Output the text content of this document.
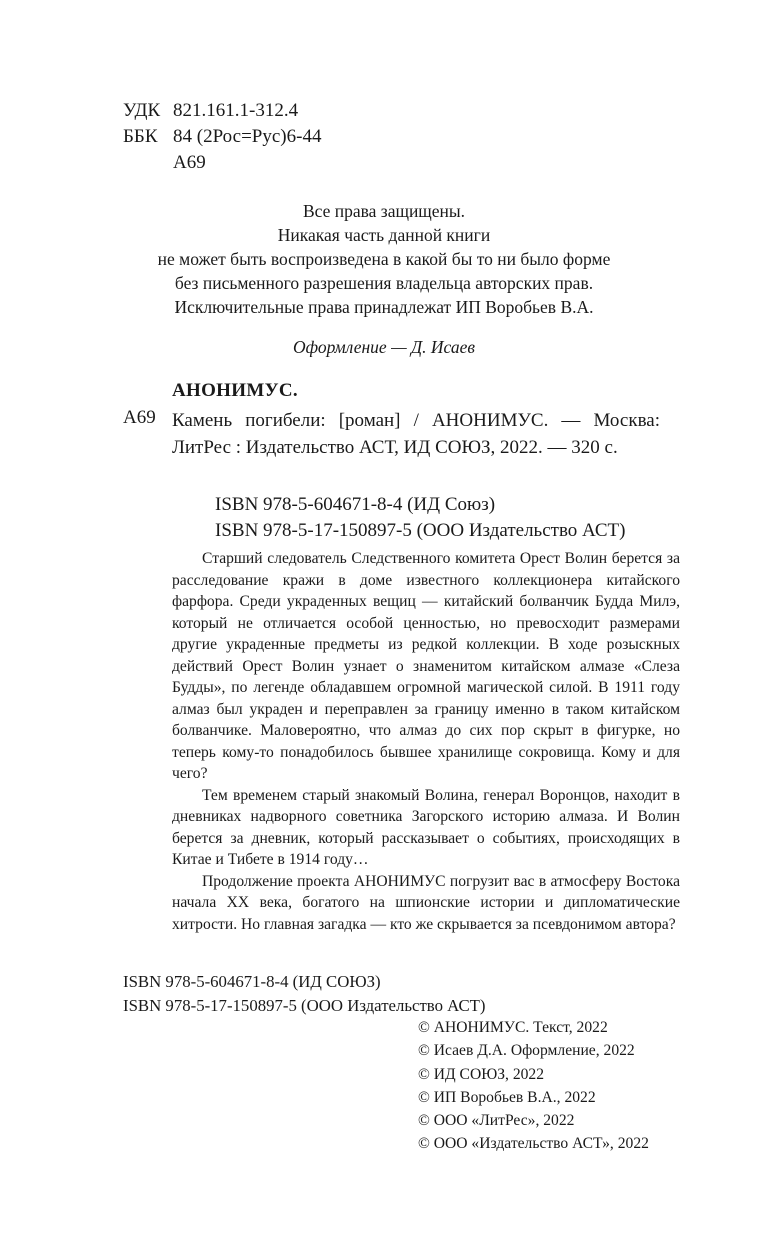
УДК 821.161.1-312.4
ББК 84 (2Рос=Рус)6-44
А69
Все права защищены.
Никакая часть данной книги
не может быть воспроизведена в какой бы то ни было форме
без письменного разрешения владельца авторских прав.
Исключительные права принадлежат ИП Воробьев В.А.
Оформление — Д. Исаев
АНОНИМУС.
А69 Камень погибели: [роман] / АНОНИМУС. — Москва: ЛитРес : Издательство АСТ, ИД СОЮЗ, 2022. — 320 с.
ISBN 978-5-604671-8-4 (ИД Союз)
ISBN 978-5-17-150897-5 (ООО Издательство АСТ)

Старший следователь Следственного комитета Орест Волин берется за расследование кражи в доме известного коллекционера китайского фарфора. Среди украденных вещиц — китайский болванчик Будда Милэ, который не отличается особой ценностью, но превосходит размерами другие украденные предметы из редкой коллекции. В ходе розыскных действий Орест Волин узнает о знаменитом китайском алмазе «Слеза Будды», по легенде обладавшем огромной магической силой. В 1911 году алмаз был украден и переправлен за границу именно в таком китайском болванчике. Маловероятно, что алмаз до сих пор скрыт в фигурке, но теперь кому-то понадобилось бывшее хранилище сокровища. Кому и для чего?

Тем временем старый знакомый Волина, генерал Воронцов, находит в дневниках надворного советника Загорского историю алмаза. И Волин берется за дневник, который рассказывает о событиях, происходящих в Китае и Тибете в 1914 году…

Продолжение проекта АНОНИМУС погрузит вас в атмосферу Востока начала XX века, богатого на шпионские истории и дипломатические хитрости. Но главная загадка — кто же скрывается за псевдонимом автора?

ISBN 978-5-604671-8-4 (ИД СОЮЗ)
ISBN 978-5-17-150897-5 (ООО Издательство АСТ)
© АНОНИМУС. Текст, 2022
© Исаев Д.А. Оформление, 2022
© ИД СОЮЗ, 2022
© ИП Воробьев В.А., 2022
© ООО «ЛитРес», 2022
© ООО «Издательство АСТ», 2022
